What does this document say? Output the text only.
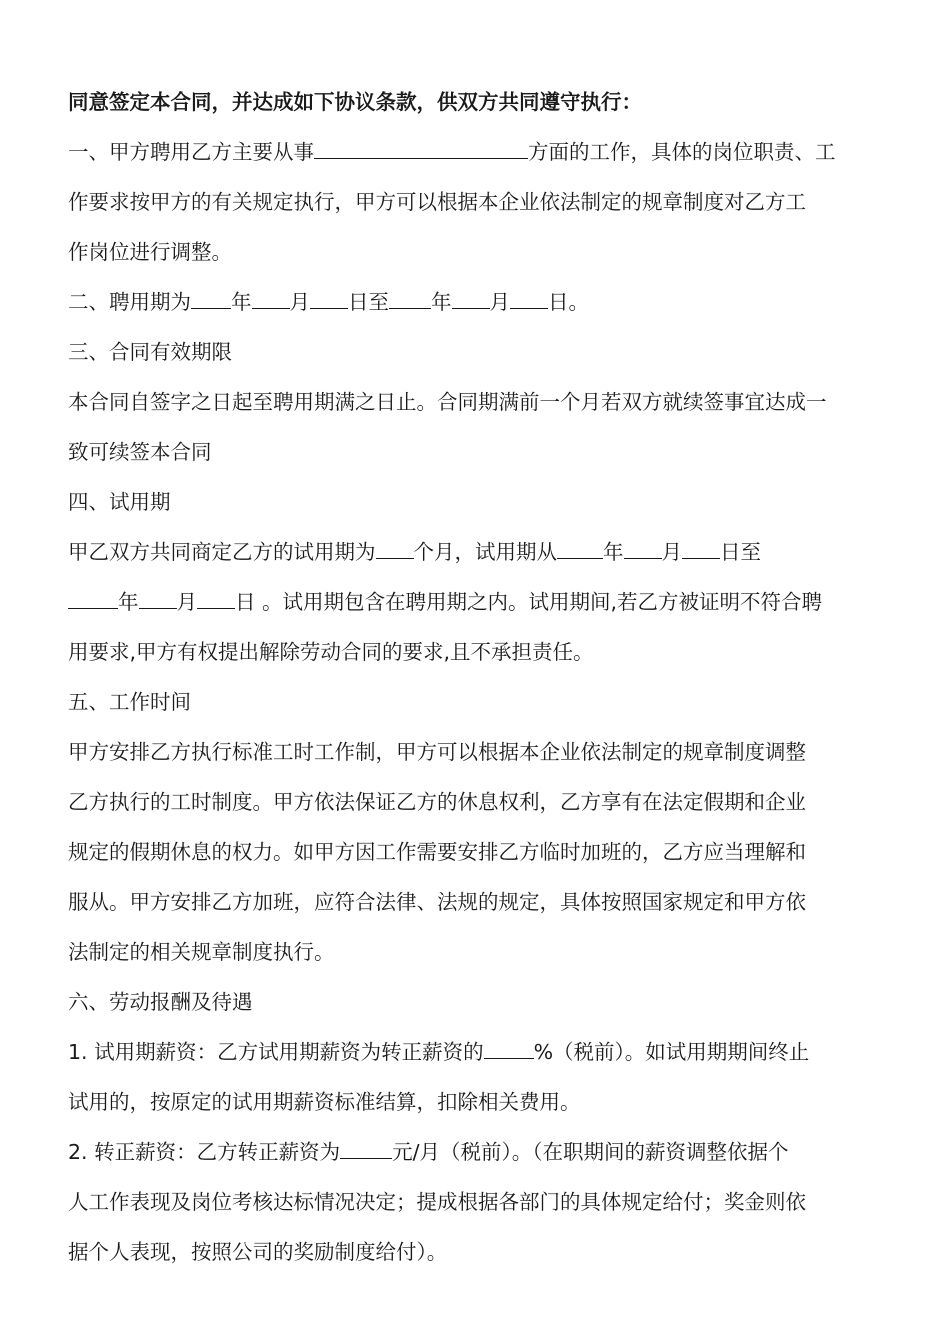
同意签定本合同，并达成如下协议条款，供双方共同遵守执行：
一、甲方聘用乙方主要从事	方面的工作，具体的岗位职责、工
作要求按甲方的有关规定执行，甲方可以根据本企业依法制定的规章制度对乙方工
作岗位进行调整。
二、聘用期为 年 月 日至 年 月 日。
三、合同有效期限
本合同自签字之日起至聘用期满之日止。合同期满前一个月若双方就续签事宜达成一
致可续签本合同
四、试用期
甲乙双方共同商定乙方的试用期为 个月，试用期从 年 月 日至
年 月 日 。试用期包含在聘用期之内。试用期间,若乙方被证明不符合聘
用要求,甲方有权提出解除劳动合同的要求,且不承担责任。
五、工作时间
甲方安排乙方执行标准工时工作制，甲方可以根据本企业依法制定的规章制度调整
乙方执行的工时制度。甲方依法保证乙方的休息权利，乙方享有在法定假期和企业
规定的假期休息的权力。如甲方因工作需要安排乙方临时加班的，乙方应当理解和
服从。甲方安排乙方加班，应符合法律、法规的规定，具体按照国家规定和甲方依
法制定的相关规章制度执行。
六、劳动报酬及待遇
1. 试用期薪资：乙方试用期薪资为转正薪资的 %（税前）。如试用期期间终止
试用的，按原定的试用期薪资标准结算，扣除相关费用。
2. 转正薪资：乙方转正薪资为	元/月（税前）。（在职期间的薪资调整依据个
人工作表现及岗位考核达标情况决定；提成根据各部门的具体规定给付；奖金则依
据个人表现，按照公司的奖励制度给付）。
